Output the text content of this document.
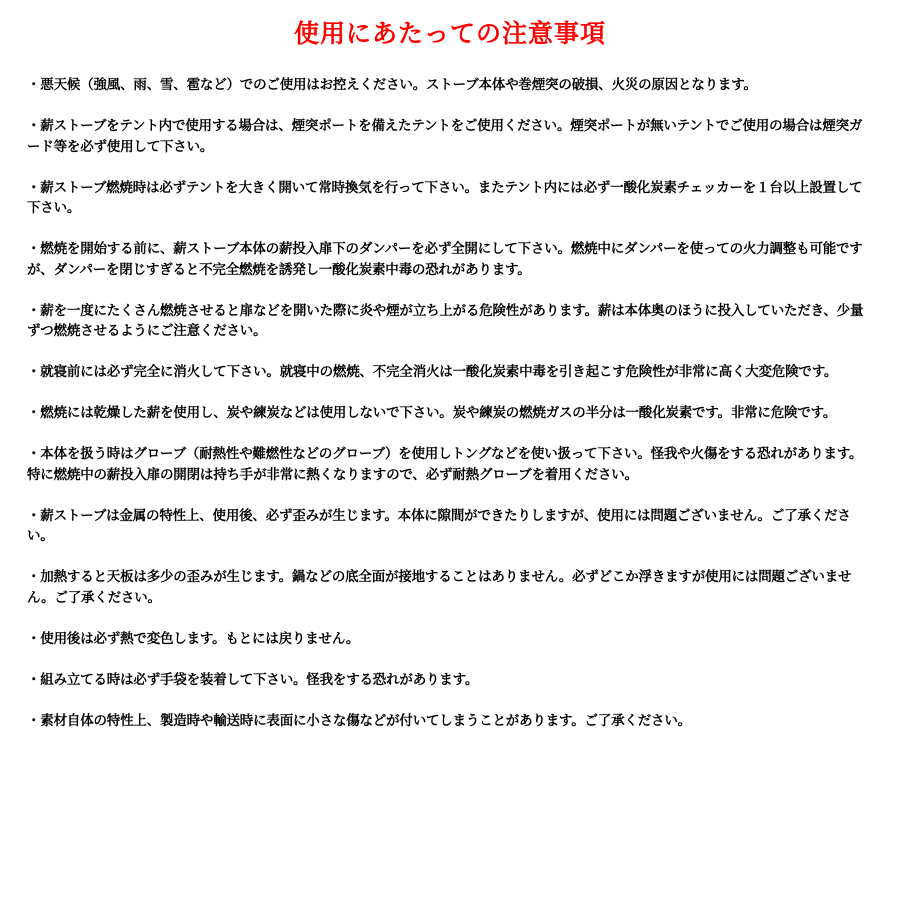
使用にあたっての注意事項
・悪天候（強風、雨、雪、雹など）でのご使用はお控えください。ストーブ本体や巻煙突の破損、火災の原因となります。
・薪ストーブをテント内で使用する場合は、煙突ポートを備えたテントをご使用ください。煙突ポートが無いテントでご使用の場合は煙突ガード等を必ず使用して下さい。
・薪ストーブ燃焼時は必ずテントを大きく開いて常時換気を行って下さい。またテント内には必ず一酸化炭素チェッカーを１台以上設置して下さい。
・燃焼を開始する前に、薪ストーブ本体の薪投入扉下のダンパーを必ず全開にして下さい。燃焼中にダンパーを使っての火力調整も可能ですが、ダンパーを閉じすぎると不完全燃焼を誘発し一酸化炭素中毒の恐れがあります。
・薪を一度にたくさん燃焼させると扉などを開いた際に炎や煙が立ち上がる危険性があります。薪は本体奥のほうに投入していただき、少量ずつ燃焼させるようにご注意ください。
・就寝前には必ず完全に消火して下さい。就寝中の燃焼、不完全消火は一酸化炭素中毒を引き起こす危険性が非常に高く大変危険です。
・燃焼には乾燥した薪を使用し、炭や練炭などは使用しないで下さい。炭や練炭の燃焼ガスの半分は一酸化炭素です。非常に危険です。
・本体を扱う時はグローブ（耐熱性や難燃性などのグローブ）を使用しトングなどを使い扱って下さい。怪我や火傷をする恐れがあります。特に燃焼中の薪投入扉の開閉は持ち手が非常に熱くなりますので、必ず耐熱グローブを着用ください。
・薪ストーブは金属の特性上、使用後、必ず歪みが生じます。本体に隙間ができたりしますが、使用には問題ございません。ご了承ください。
・加熱すると天板は多少の歪みが生じます。鍋などの底全面が接地することはありません。必ずどこか浮きますが使用には問題ございません。ご了承ください。
・使用後は必ず熱で変色します。もとには戻りません。
・組み立てる時は必ず手袋を装着して下さい。怪我をする恐れがあります。
・素材自体の特性上、製造時や輸送時に表面に小さな傷などが付いてしまうことがあります。ご了承ください。
